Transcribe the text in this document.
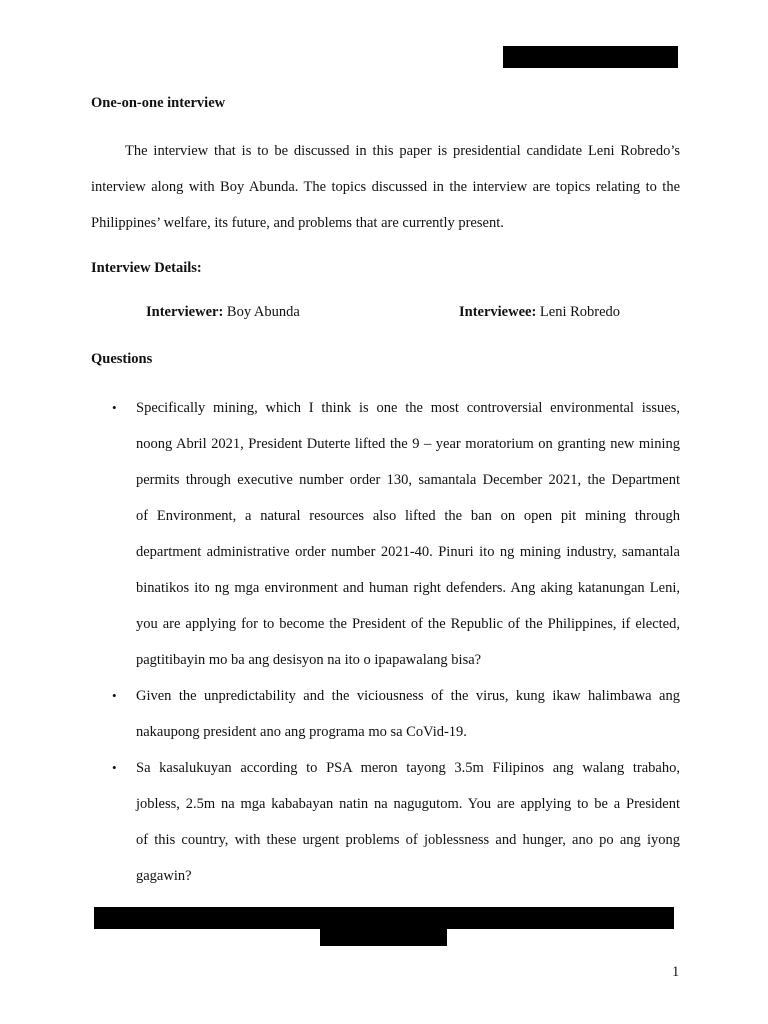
One-on-one interview
The interview that is to be discussed in this paper is presidential candidate Leni Robredo’s
interview along with Boy Abunda. The topics discussed in the interview are topics relating to the
Philippines’ welfare, its future, and problems that are currently present.
Interview Details:
Interviewer: Boy Abunda	Interviewee: Leni Robredo
Questions
• Specifically mining, which I think is one the most controversial environmental issues,
noong Abril 2021, President Duterte lifted the 9 – year moratorium on granting new mining
permits through executive number order 130, samantala December 2021, the Department
of Environment, a natural resources also lifted the ban on open pit mining through
department administrative order number 2021-40. Pinuri ito ng mining industry, samantala
binatikos ito ng mga environment and human right defenders. Ang aking katanungan Leni,
you are applying for to become the President of the Republic of the Philippines, if elected,
pagtitibayin mo ba ang desisyon na ito o ipapawalang bisa?
• Given the unpredictability and the viciousness of the virus, kung ikaw halimbawa ang
nakaupong president ano ang programa mo sa CoVid-19.
• Sa kasalukuyan according to PSA meron tayong 3.5m Filipinos ang walang trabaho,
jobless, 2.5m na mga kababayan natin na nagugutom. You are applying to be a President
of this country, with these urgent problems of joblessness and hunger, ano po ang iyong
gagawin?
1
